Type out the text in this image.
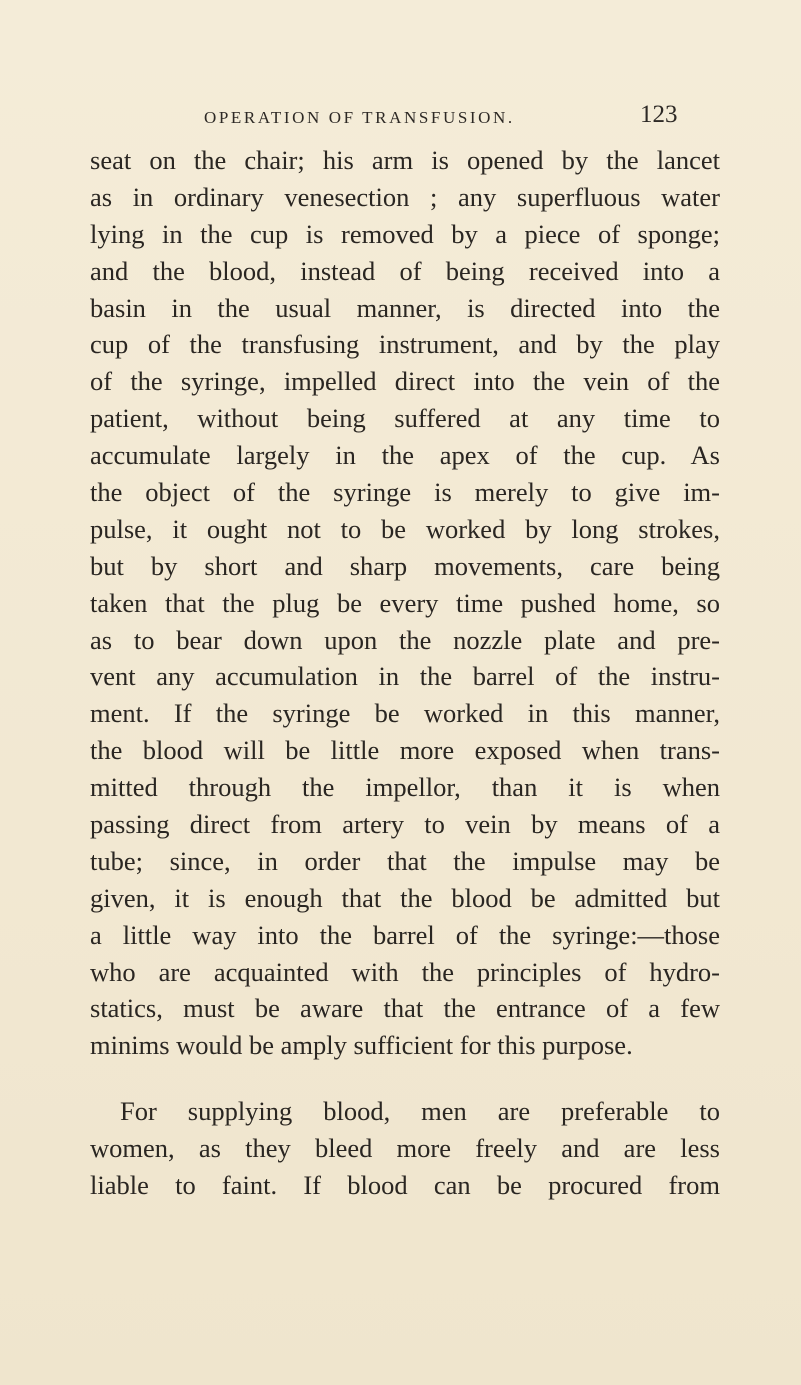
OPERATION OF TRANSFUSION.	123
seat on the chair; his arm is opened by the lancet
as in ordinary venesection ; any superfluous water
lying in the cup is removed by a piece of sponge;
and the blood, instead of being received into a
basin in the usual manner, is directed into the
cup of the transfusing instrument, and by the play
of the syringe, impelled direct into the vein of the
patient, without being suffered at any time to
accumulate largely in the apex of the cup. As
the object of the syringe is merely to give im-
pulse, it ought not to be worked by long strokes,
but by short and sharp movements, care being
taken that the plug be every time pushed home, so
as to bear down upon the nozzle plate and pre-
vent any accumulation in the barrel of the instru-
ment. If the syringe be worked in this manner,
the blood will be little more exposed when trans-
mitted through the impellor, than it is when
passing direct from artery to vein by means of a
tube; since, in order that the impulse may be
given, it is enough that the blood be admitted but
a little way into the barrel of the syringe:—those
who are acquainted with the principles of hydro-
statics, must be aware that the entrance of a few
minims would be amply sufficient for this purpose.
For supplying blood, men are preferable to
women, as they bleed more freely and are less
liable to faint. If blood can be procured from
